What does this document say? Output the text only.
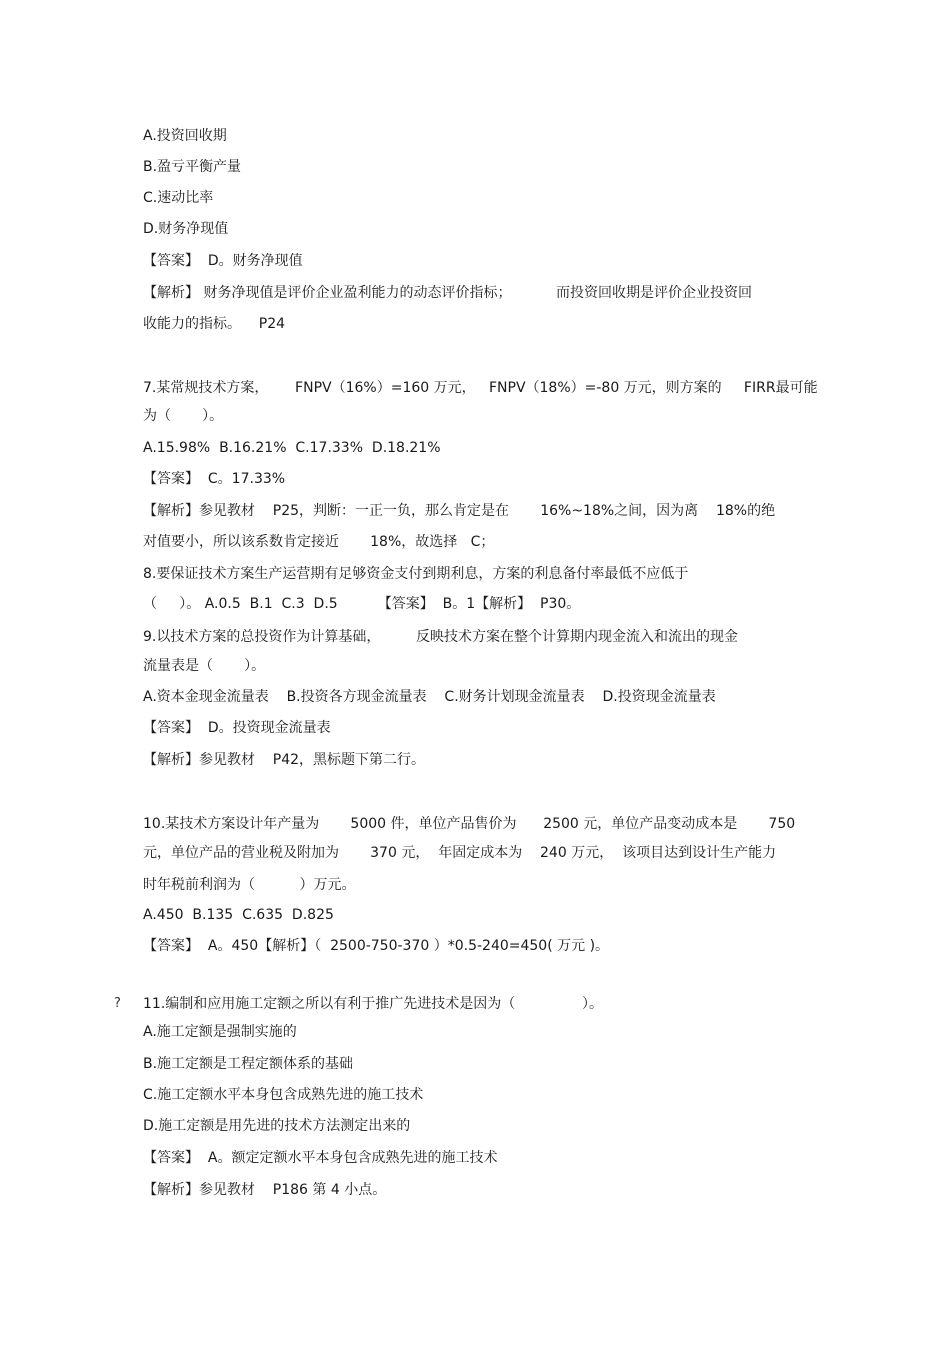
A.投资回收期
B.盈亏平衡产量
C.速动比率
D.财务净现值
【答案】  D。财务净现值
【解析】 财务净现值是评价企业盈利能力的动态评价指标；          而投资回收期是评价企业投资回
收能力的指标。    P24
7.某常规技术方案，      FNPV（16%）=160 万元，   FNPV（18%）=-80 万元，则方案的     FIRR最可能
为（       ）。
A.15.98%  B.16.21%  C.17.33%  D.18.21%
【答案】  C。17.33%
【解析】参见教材    P25，判断：一正一负，那么肯定是在       16%~18%之间，因为离    18%的绝
对值要小，所以该系数肯定接近       18%，故选择   C；
8.要保证技术方案生产运营期有足够资金支付到期利息，方案的利息备付率最低不应低于
（     ）。 A.0.5  B.1  C.3  D.5         【答案】  B。1【解析】  P30。
9.以技术方案的总投资作为计算基础，        反映技术方案在整个计算期内现金流入和流出的现金
流量表是（       ）。
A.资本金现金流量表    B.投资各方现金流量表    C.财务计划现金流量表    D.投资现金流量表
【答案】  D。投资现金流量表
【解析】参见教材    P42，黑标题下第二行。
10.某技术方案设计年产量为       5000 件，单位产品售价为      2500 元，单位产品变动成本是       750
元，单位产品的营业税及附加为       370 元，  年固定成本为    240 万元，  该项目达到设计生产能力
时年税前利润为（          ）万元。
A.450  B.135  C.635  D.825
【答案】  A。450【解析】（  2500-750-370 ）*0.5-240=450( 万元 )。
? 11.编制和应用施工定额之所以有利于推广先进技术是因为（               ）。
A.施工定额是强制实施的
B.施工定额是工程定额体系的基础
C.施工定额水平本身包含成熟先进的施工技术
D.施工定额是用先进的技术方法测定出来的
【答案】  A。额定定额水平本身包含成熟先进的施工技术
【解析】参见教材    P186 第 4 小点。
